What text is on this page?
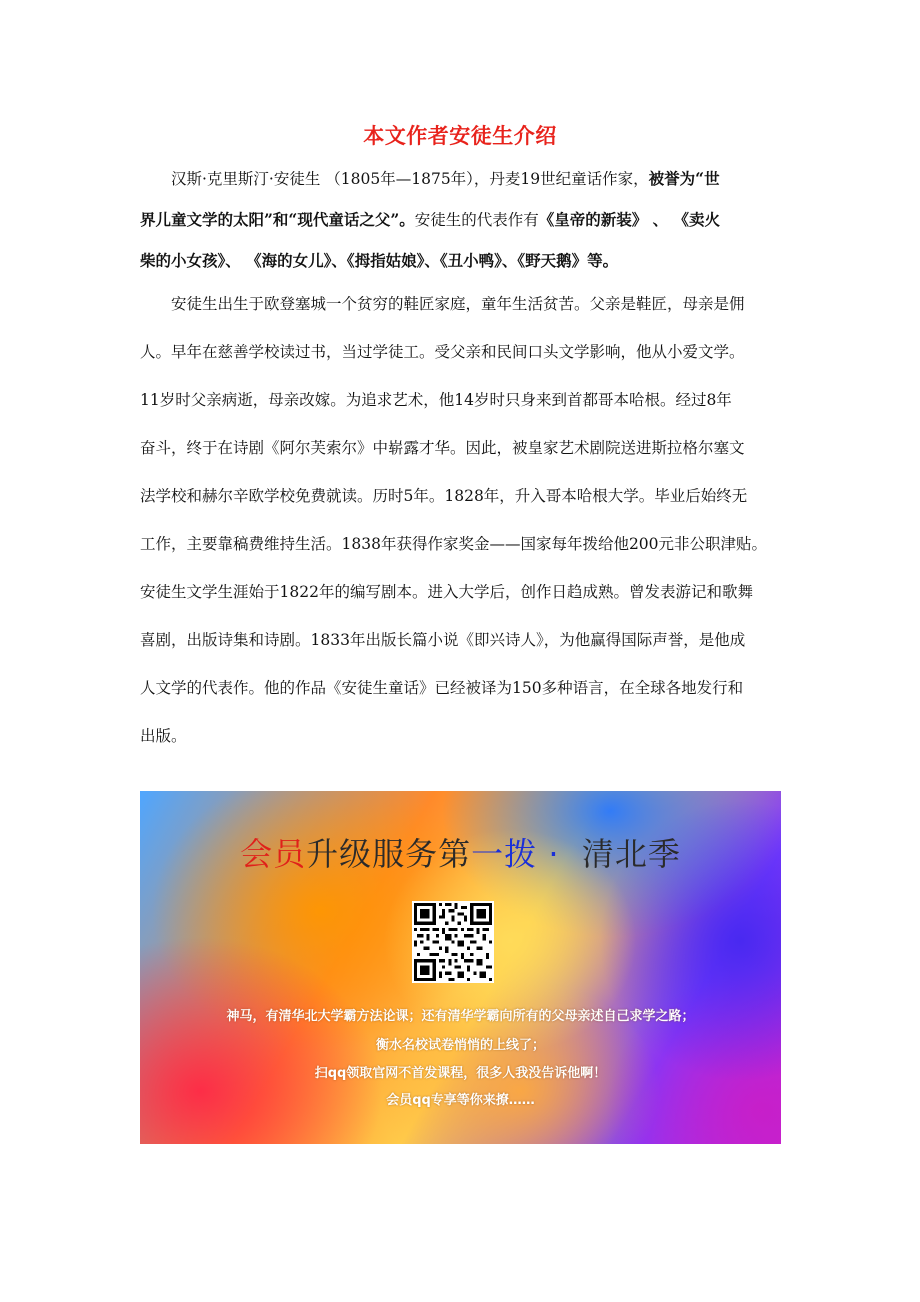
本文作者安徒生介绍
汉斯·克里斯汀·安徒生 （1805年—1875年），丹麦19世纪童话作家，被誉为“世
界儿童文学的太阳”和“现代童话之父”。安徒生的代表作有《皇帝的新装》 、 《卖火
柴的小女孩》、 《海的女儿》、《拇指姑娘》、《丑小鸭》、《野天鹅》等。
安徒生出生于欧登塞城一个贫穷的鞋匠家庭，童年生活贫苦。父亲是鞋匠，母亲是佣
人。早年在慈善学校读过书，当过学徒工。受父亲和民间口头文学影响，他从小爱文学。
11岁时父亲病逝，母亲改嫁。为追求艺术，他14岁时只身来到首都哥本哈根。经过8年
奋斗，终于在诗剧《阿尔芙索尔》中崭露才华。因此，被皇家艺术剧院送进斯拉格尔塞文
法学校和赫尔辛欧学校免费就读。历时5年。1828年，升入哥本哈根大学。毕业后始终无
工作，主要靠稿费维持生活。1838年获得作家奖金——国家每年拨给他200元非公职津贴。
安徒生文学生涯始于1822年的编写剧本。进入大学后，创作日趋成熟。曾发表游记和歌舞
喜剧，出版诗集和诗剧。1833年出版长篇小说《即兴诗人》，为他赢得国际声誉，是他成
人文学的代表作。他的作品《安徒生童话》已经被译为150多种语言，在全球各地发行和
出版。
会员升级服务第一拨 · 清北季
神马，有清华北大学霸方法论课；还有清华学霸向所有的父母亲述自己求学之路；
衡水名校试卷悄悄的上线了；
扫qq领取官网不首发课程，很多人我没告诉他啊！
会员qq专享等你来撩……
